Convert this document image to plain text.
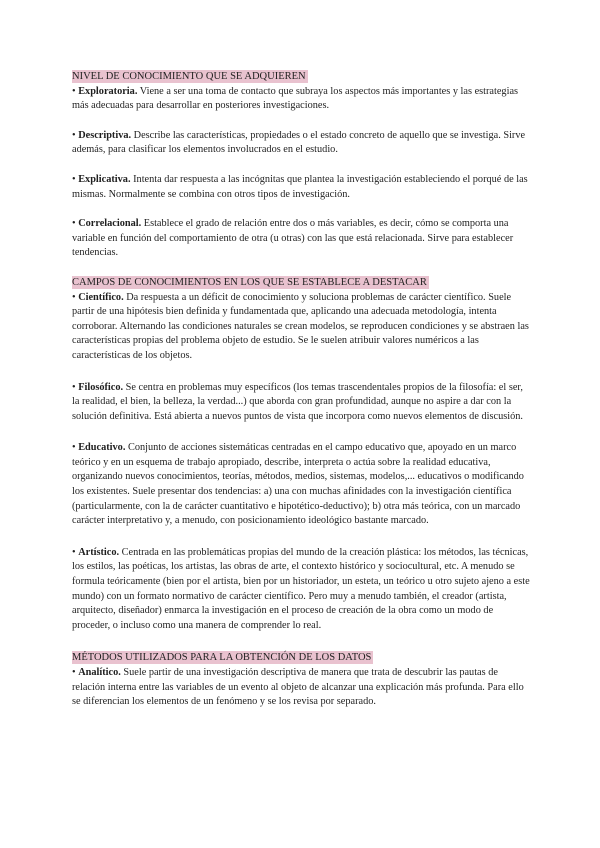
NIVEL DE CONOCIMIENTO QUE SE ADQUIEREN

• Exploratoria. Viene a ser una toma de contacto que subraya los aspectos más importantes y las estrategias más adecuadas para desarrollar en posteriores investigaciones.

• Descriptiva. Describe las características, propiedades o el estado concreto de aquello que se investiga. Sirve además, para clasificar los elementos involucrados en el estudio.

• Explicativa. Intenta dar respuesta a las incógnitas que plantea la investigación estableciendo el porqué de las mismas. Normalmente se combina con otros tipos de investigación.

• Correlacional. Establece el grado de relación entre dos o más variables, es decir, cómo se comporta una variable en función del comportamiento de otra (u otras) con las que está relacionada. Sirve para establecer tendencias.

CAMPOS DE CONOCIMIENTOS EN LOS QUE SE ESTABLECE A DESTACAR

• Científico. Da respuesta a un déficit de conocimiento y soluciona problemas de carácter científico. Suele partir de una hipótesis bien definida y fundamentada que, aplicando una adecuada metodología, intenta corroborar. Alternando las condiciones naturales se crean modelos, se reproducen condiciones y se abstraen las características propias del problema objeto de estudio. Se le suelen atribuir valores numéricos a las características de los objetos.

• Filosófico. Se centra en problemas muy específicos (los temas trascendentales propios de la filosofía: el ser, la realidad, el bien, la belleza, la verdad...) que aborda con gran profundidad, aunque no aspire a dar con la solución definitiva. Está abierta a nuevos puntos de vista que incorpora como nuevos elementos de discusión.

• Educativo. Conjunto de acciones sistemáticas centradas en el campo educativo que, apoyado en un marco teórico y en un esquema de trabajo apropiado, describe, interpreta o actúa sobre la realidad educativa, organizando nuevos conocimientos, teorías, métodos, medios, sistemas, modelos,... educativos o modificando los existentes. Suele presentar dos tendencias: a) una con muchas afinidades con la investigación científica (particularmente, con la de carácter cuantitativo e hipotético-deductivo); b) otra más teórica, con un marcado carácter interpretativo y, a menudo, con posicionamiento ideológico bastante marcado.

• Artístico. Centrada en las problemáticas propias del mundo de la creación plástica: los métodos, las técnicas, los estilos, las poéticas, los artistas, las obras de arte, el contexto histórico y sociocultural, etc. A menudo se formula teóricamente (bien por el artista, bien por un historiador, un esteta, un teórico u otro sujeto ajeno a este mundo) con un formato normativo de carácter científico. Pero muy a menudo también, el creador (artista, arquitecto, diseñador) enmarca la investigación en el proceso de creación de la obra como un modo de proceder, o incluso como una manera de comprender lo real.

MÉTODOS UTILIZADOS PARA LA OBTENCIÓN DE LOS DATOS

• Analítico. Suele partir de una investigación descriptiva de manera que trata de descubrir las pautas de relación interna entre las variables de un evento al objeto de alcanzar una explicación más profunda. Para ello se diferencian los elementos de un fenómeno y se los revisa por separado.
